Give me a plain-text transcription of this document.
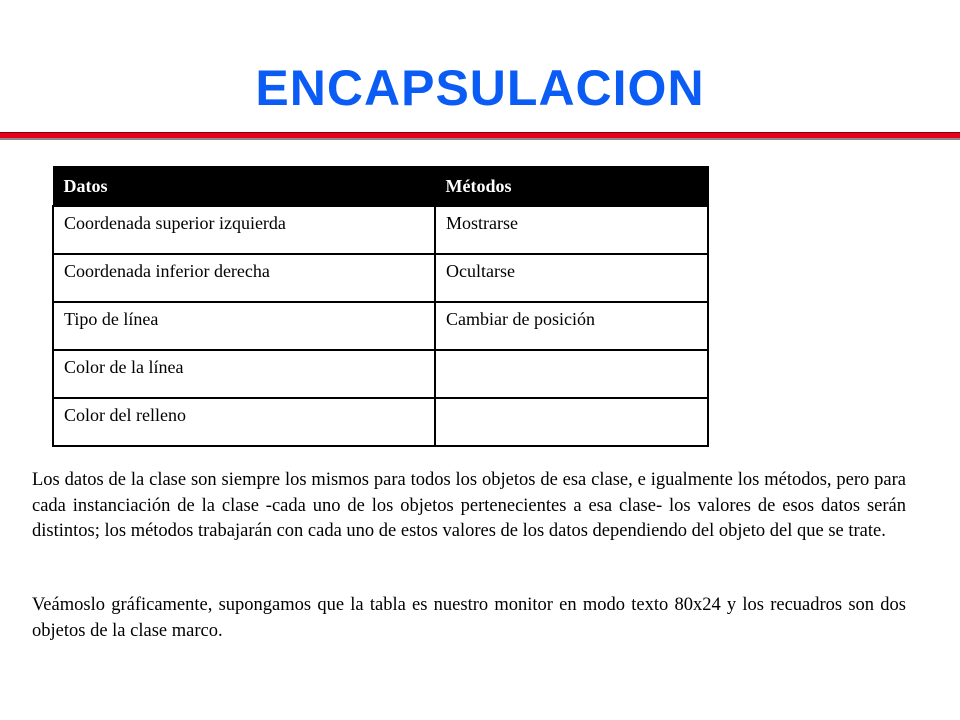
ENCAPSULACION
Datos	Métodos
Coordenada superior izquierda	Mostrarse
Coordenada inferior derecha	Ocultarse
Tipo de línea	Cambiar de posición
Color de la línea	
Color del relleno	

Los datos de la clase son siempre los mismos para todos los objetos de esa clase, e igualmente los métodos, pero para cada instanciación de la clase -cada uno de los objetos pertenecientes a esa clase- los valores de esos datos serán distintos; los métodos trabajarán con cada uno de estos valores de los datos dependiendo del objeto del que se trate.

Veámoslo gráficamente, supongamos que la tabla es nuestro monitor en modo texto 80x24 y los recuadros son dos objetos de la clase marco.
